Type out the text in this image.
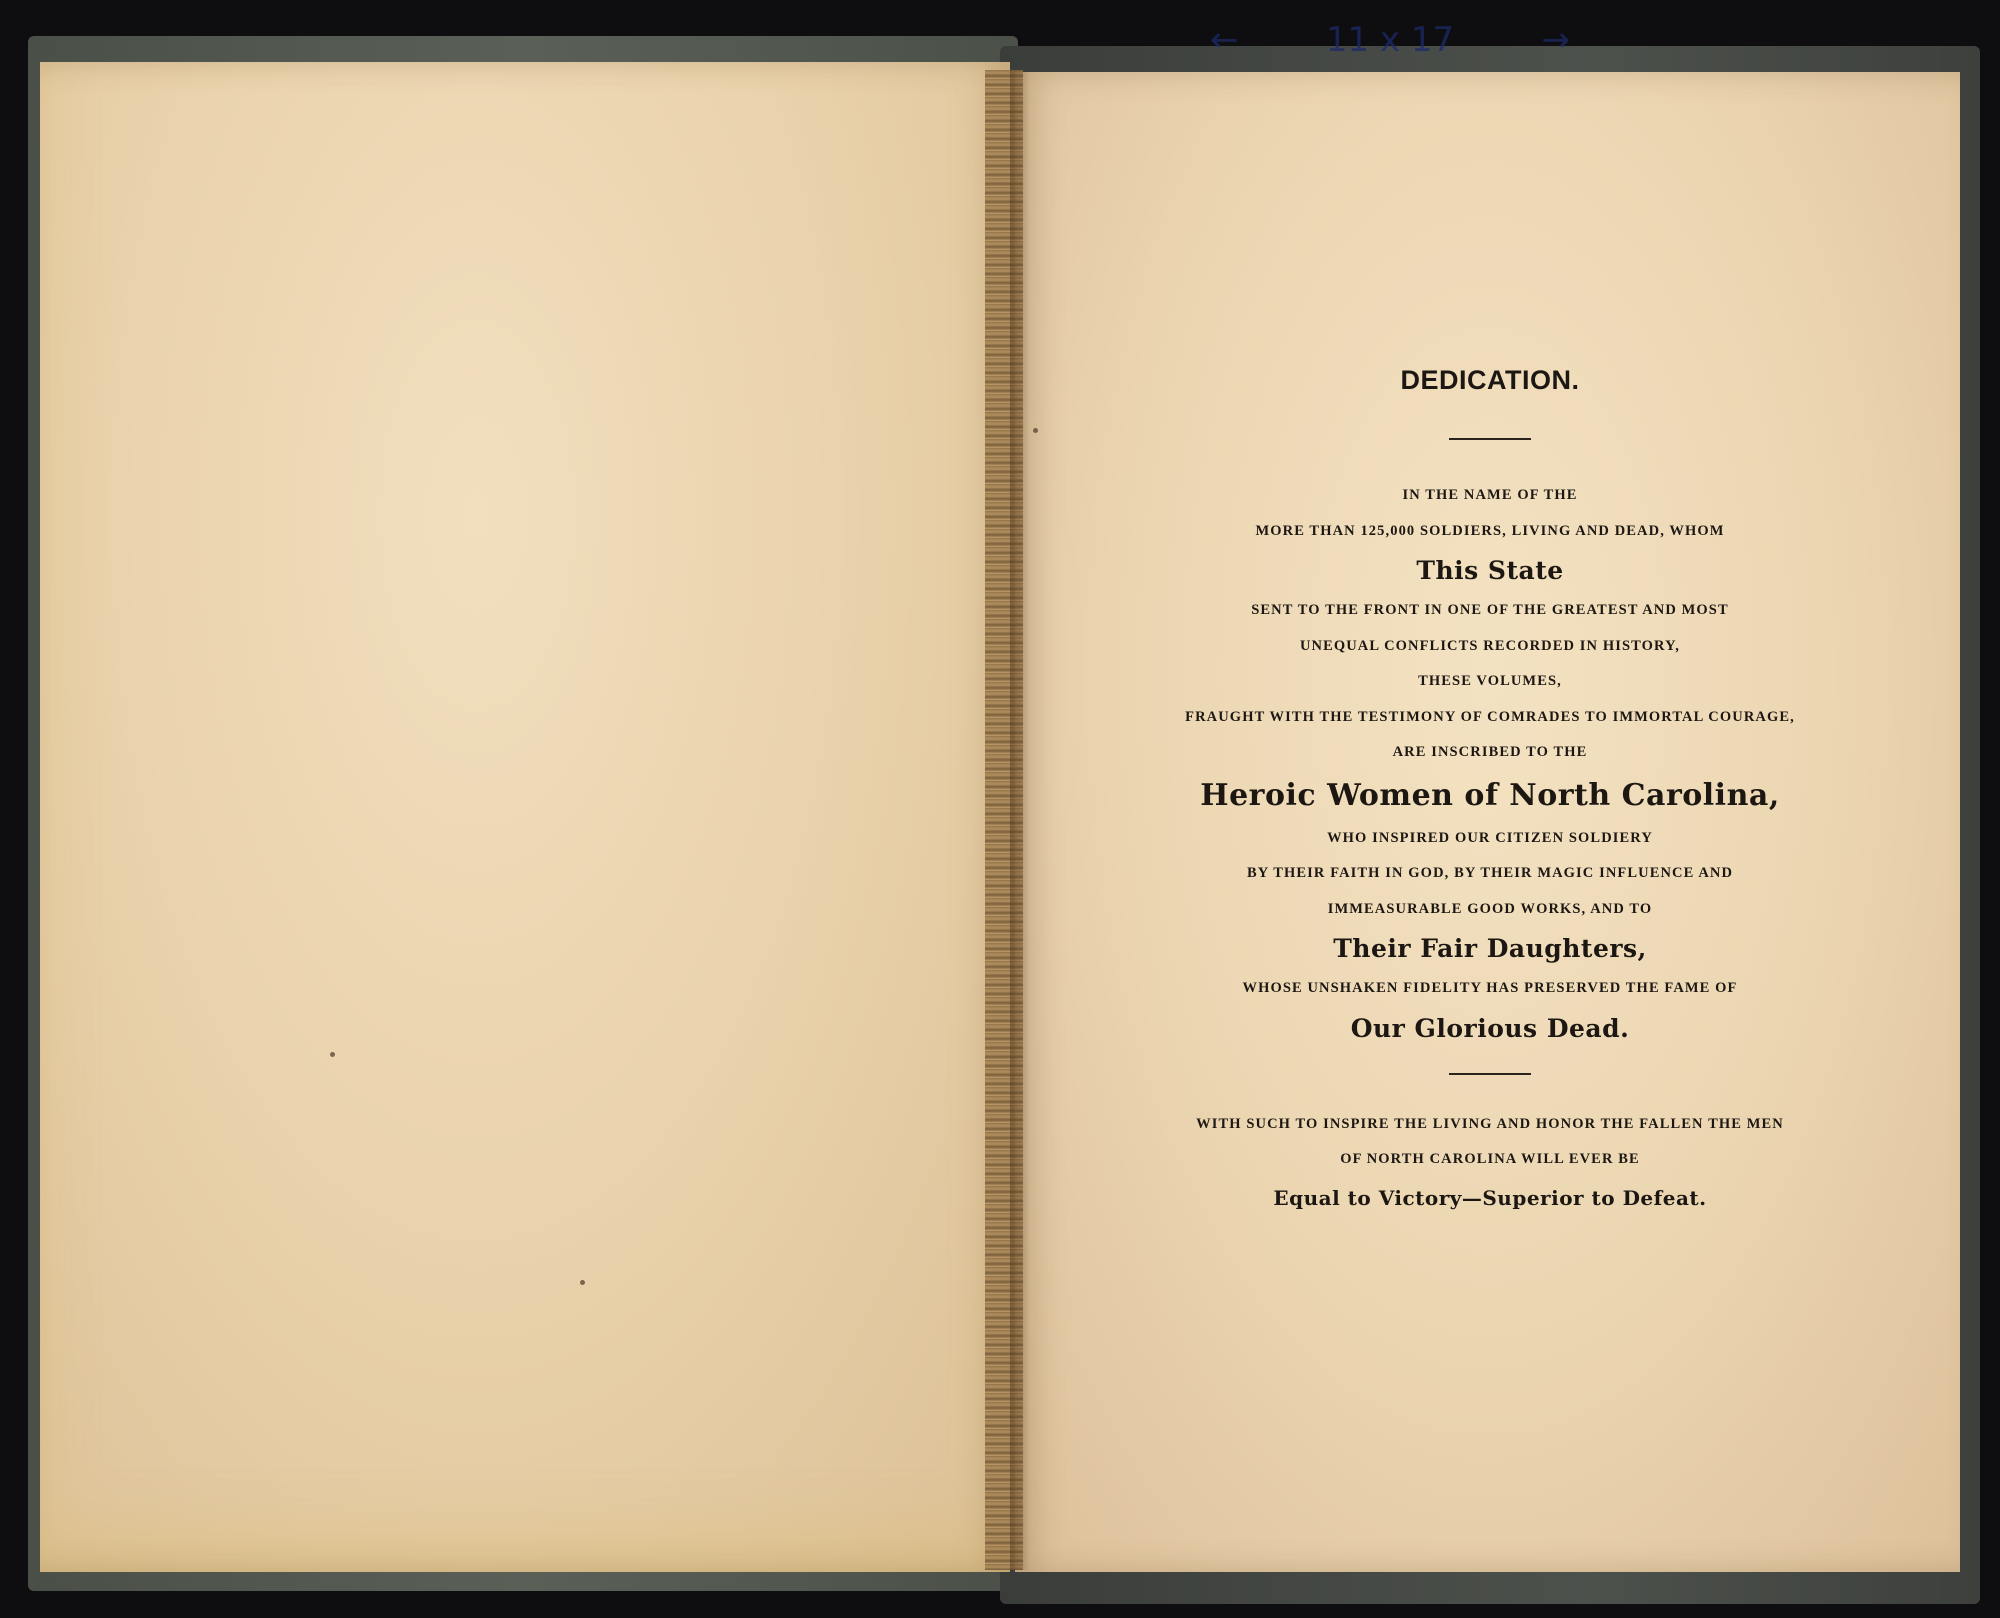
←	11 x 17	→
DEDICATION.

IN THE NAME OF THE

MORE THAN 125,000 SOLDIERS, LIVING AND DEAD, WHOM

This State

SENT TO THE FRONT IN ONE OF THE GREATEST AND MOST

UNEQUAL CONFLICTS RECORDED IN HISTORY,

THESE VOLUMES,

FRAUGHT WITH THE TESTIMONY OF COMRADES TO IMMORTAL COURAGE,

ARE INSCRIBED TO THE

Heroic Women of North Carolina,

WHO INSPIRED OUR CITIZEN SOLDIERY

BY THEIR FAITH IN GOD, BY THEIR MAGIC INFLUENCE AND

IMMEASURABLE GOOD WORKS, AND TO

Their Fair Daughters,

WHOSE UNSHAKEN FIDELITY HAS PRESERVED THE FAME OF

Our Glorious Dead.

WITH SUCH TO INSPIRE THE LIVING AND HONOR THE FALLEN THE MEN

OF NORTH CAROLINA WILL EVER BE

Equal to Victory—Superior to Defeat.
